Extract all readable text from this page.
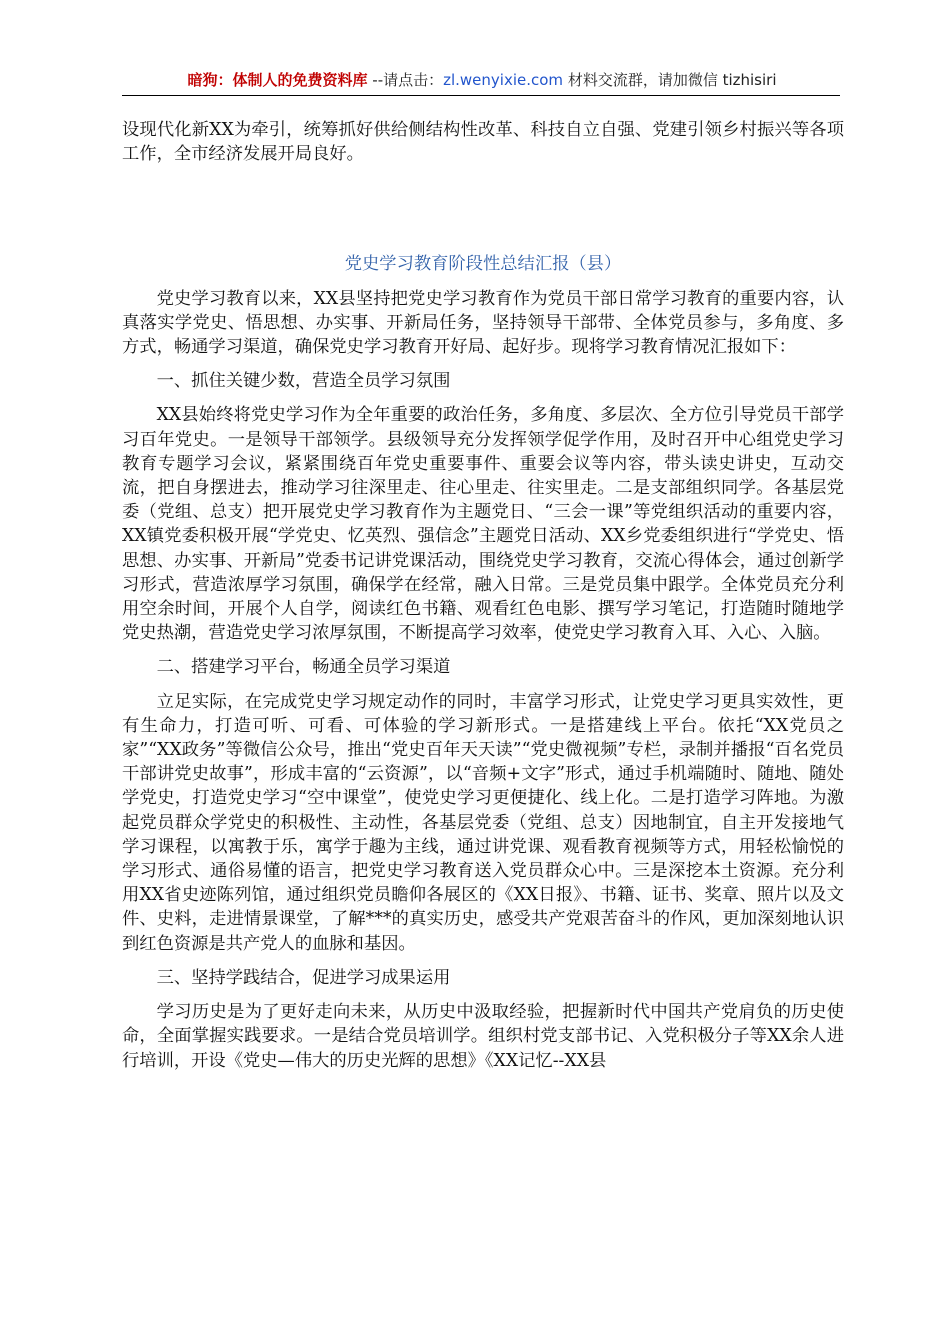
暗狗：体制人的免费资料库 --请点击：zl.wenyixie.com 材料交流群，请加微信 tizhisiri

设现代化新XX为牵引，统筹抓好供给侧结构性改革、科技自立自强、党建引领乡村振兴等各项工作，全市经济发展开局良好。

党史学习教育阶段性总结汇报（县）

党史学习教育以来，XX县坚持把党史学习教育作为党员干部日常学习教育的重要内容，认真落实学党史、悟思想、办实事、开新局任务，坚持领导干部带、全体党员参与，多角度、多方式，畅通学习渠道，确保党史学习教育开好局、起好步。现将学习教育情况汇报如下：

一、抓住关键少数，营造全员学习氛围

XX县始终将党史学习作为全年重要的政治任务，多角度、多层次、全方位引导党员干部学习百年党史。一是领导干部领学。县级领导充分发挥领学促学作用，及时召开中心组党史学习教育专题学习会议，紧紧围绕百年党史重要事件、重要会议等内容，带头读史讲史，互动交流，把自身摆进去，推动学习往深里走、往心里走、往实里走。二是支部组织同学。各基层党委（党组、总支）把开展党史学习教育作为主题党日、“三会一课”等党组织活动的重要内容，XX镇党委积极开展“学党史、忆英烈、强信念”主题党日活动、XX乡党委组织进行“学党史、悟思想、办实事、开新局”党委书记讲党课活动，围绕党史学习教育，交流心得体会，通过创新学习形式，营造浓厚学习氛围，确保学在经常，融入日常。三是党员集中跟学。全体党员充分利用空余时间，开展个人自学，阅读红色书籍、观看红色电影、撰写学习笔记，打造随时随地学党史热潮，营造党史学习浓厚氛围，不断提高学习效率，使党史学习教育入耳、入心、入脑。

二、搭建学习平台，畅通全员学习渠道

立足实际，在完成党史学习规定动作的同时，丰富学习形式，让党史学习更具实效性，更有生命力，打造可听、可看、可体验的学习新形式。一是搭建线上平台。依托“XX党员之家”“XX政务”等微信公众号，推出“党史百年天天读”“党史微视频”专栏，录制并播报“百名党员干部讲党史故事”，形成丰富的“云资源”，以“音频+文字”形式，通过手机端随时、随地、随处学党史，打造党史学习“空中课堂”，使党史学习更便捷化、线上化。二是打造学习阵地。为激起党员群众学党史的积极性、主动性，各基层党委（党组、总支）因地制宜，自主开发接地气学习课程，以寓教于乐，寓学于趣为主线，通过讲党课、观看教育视频等方式，用轻松愉悦的学习形式、通俗易懂的语言，把党史学习教育送入党员群众心中。三是深挖本土资源。充分利用XX省史迹陈列馆，通过组织党员瞻仰各展区的《XX日报》、书籍、证书、奖章、照片以及文件、史料，走进情景课堂，了解***的真实历史，感受共产党艰苦奋斗的作风，更加深刻地认识到红色资源是共产党人的血脉和基因。

三、坚持学践结合，促进学习成果运用

学习历史是为了更好走向未来，从历史中汲取经验，把握新时代中国共产党肩负的历史使命，全面掌握实践要求。一是结合党员培训学。组织村党支部书记、入党积极分子等XX余人进行培训，开设《党史—伟大的历史光辉的思想》《XX记忆--XX县
